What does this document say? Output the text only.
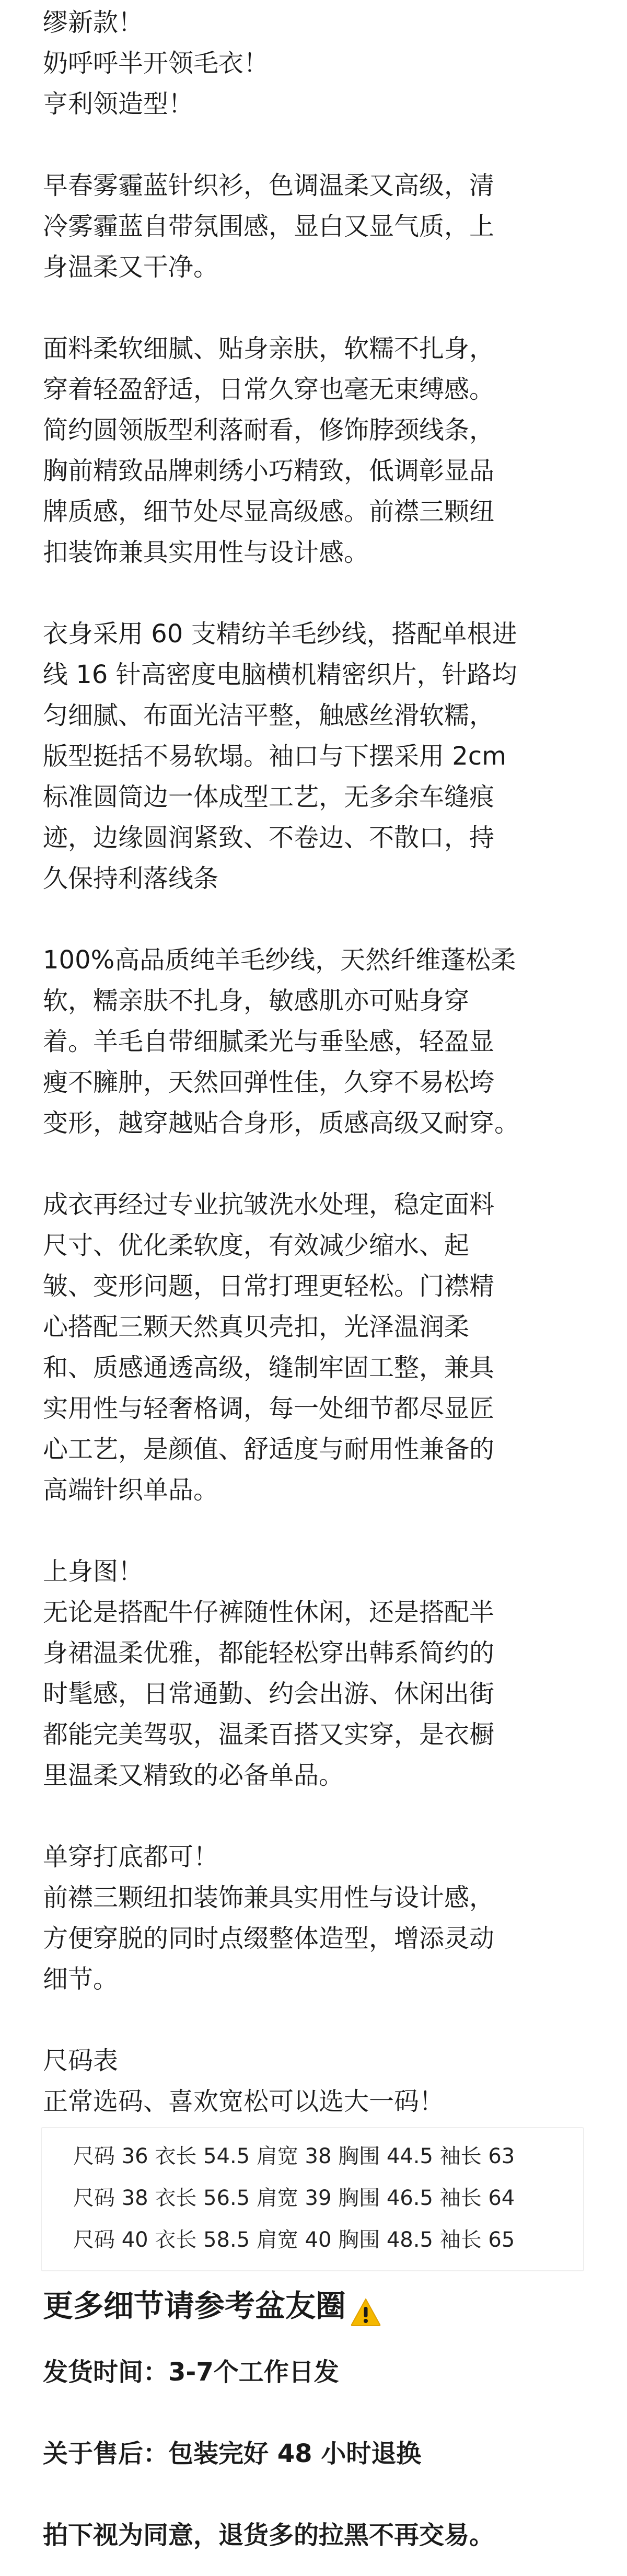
缪新款！
奶呼呼半开领毛衣！
亨利领造型！
早春雾霾蓝针织衫，色调温柔又高级，清
冷雾霾蓝自带氛围感，显白又显气质，上
身温柔又干净。
面料柔软细腻、贴身亲肤，软糯不扎身，
穿着轻盈舒适，日常久穿也毫无束缚感。
简约圆领版型利落耐看，修饰脖颈线条，
胸前精致品牌刺绣小巧精致，低调彰显品
牌质感，细节处尽显高级感。前襟三颗纽
扣装饰兼具实用性与设计感。
衣身采用 60 支精纺羊毛纱线，搭配单根进
线 16 针高密度电脑横机精密织片，针路均
匀细腻、布面光洁平整，触感丝滑软糯，
版型挺括不易软塌。袖口与下摆采用 2cm
标准圆筒边一体成型工艺，无多余车缝痕
迹，边缘圆润紧致、不卷边、不散口，持
久保持利落线条
100%高品质纯羊毛纱线，天然纤维蓬松柔
软，糯亲肤不扎身，敏感肌亦可贴身穿
着。羊毛自带细腻柔光与垂坠感，轻盈显
瘦不臃肿，天然回弹性佳，久穿不易松垮
变形，越穿越贴合身形，质感高级又耐穿。
成衣再经过专业抗皱洗水处理，稳定面料
尺寸、优化柔软度，有效减少缩水、起
皱、变形问题，日常打理更轻松。门襟精
心搭配三颗天然真贝壳扣，光泽温润柔
和、质感通透高级，缝制牢固工整，兼具
实用性与轻奢格调，每一处细节都尽显匠
心工艺，是颜值、舒适度与耐用性兼备的
高端针织单品。
上身图！
无论是搭配牛仔裤随性休闲，还是搭配半
身裙温柔优雅，都能轻松穿出韩系简约的
时髦感，日常通勤、约会出游、休闲出街
都能完美驾驭，温柔百搭又实穿，是衣橱
里温柔又精致的必备单品。
单穿打底都可！
前襟三颗纽扣装饰兼具实用性与设计感，
方便穿脱的同时点缀整体造型，增添灵动
细节。
尺码表
正常选码、喜欢宽松可以选大一码！
尺码 36 衣长 54.5 肩宽 38 胸围 44.5 袖长 63
尺码 38 衣长 56.5 肩宽 39 胸围 46.5 袖长 64
尺码 40 衣长 58.5 肩宽 40 胸围 48.5 袖长 65
更多细节请参考盆友圈
发货时间：3-7个工作日发
关于售后：包装完好 48 小时退换
拍下视为同意，退货多的拉黑不再交易。
